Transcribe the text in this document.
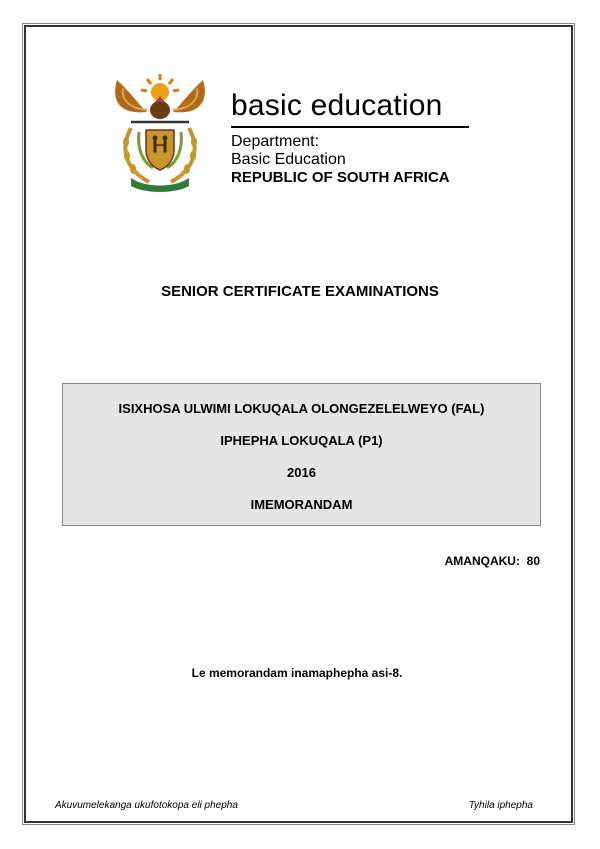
basic education
Department:
Basic Education
REPUBLIC OF SOUTH AFRICA
SENIOR CERTIFICATE EXAMINATIONS
ISIXHOSA ULWIMI LOKUQALA OLONGEZELELWEYO (FAL)
IPHEPHA LOKUQALA (P1)
2016
IMEMORANDAM
AMANQAKU: 80
Le memorandam inamaphepha asi-8.
Akuvumelekanga ukufotokopa eli phepha	Tyhila iphepha
